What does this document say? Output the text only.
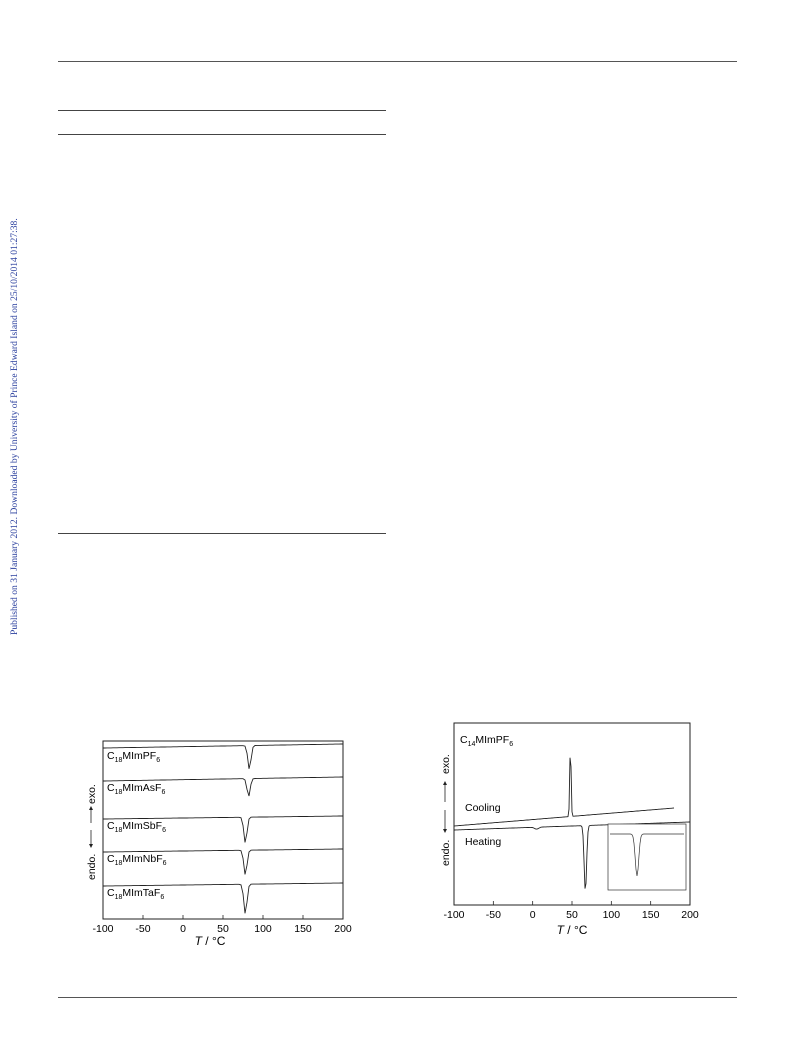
Published on 31 January 2012. Downloaded by University of Prince Edward Island on 25/10/2014 01:27:38.
-100 -50	0	50 100 150 200
$C_{18}MImPF_6$
$C_{18}MImAsF_6$
$C_{18}MImSbF_6$
$C_{18}MImNbF_6$
$C_{18}MImTaF_6$
exo.
endo.
T / °C
-100 -50	0	50 100 150 200
$C_{14}MImPF_6$
Cooling
Heating
exo.
endo.
T / °C
